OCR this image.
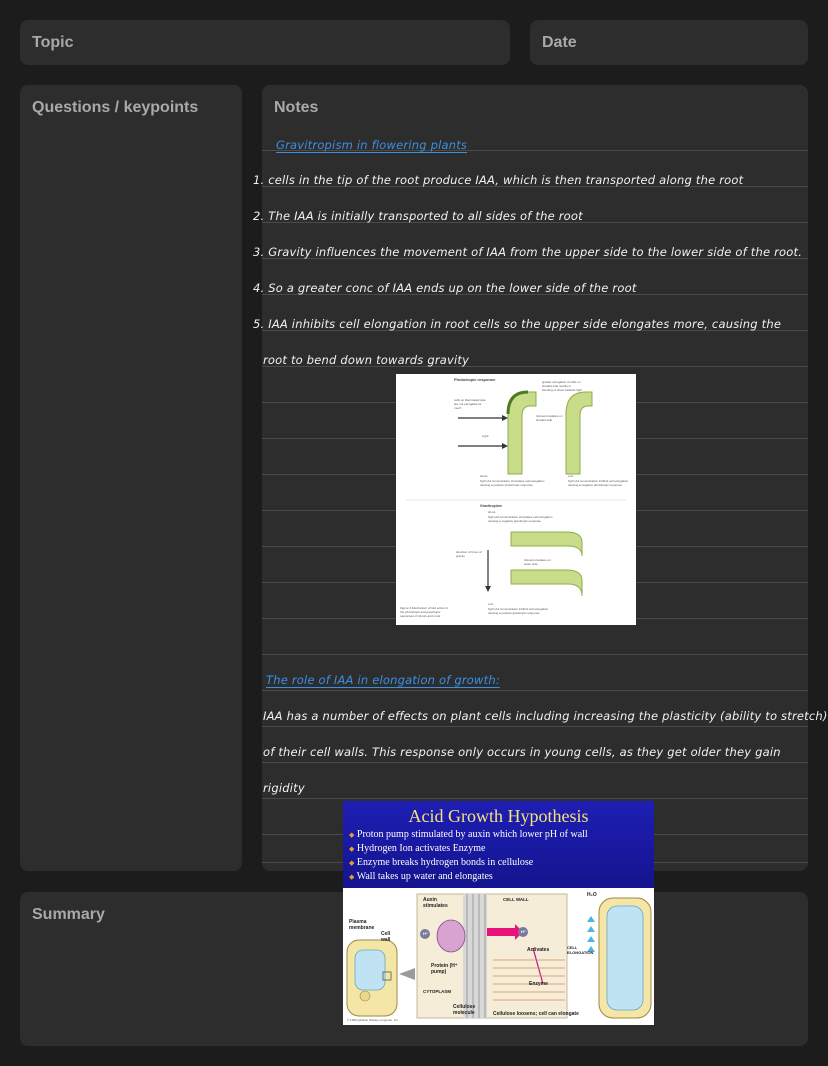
Topic	Date
Questions / keypoints	Notes
Gravitropism in flowering plants
1. cells in the tip of the root produce IAA, which is then transported along the root
2. The IAA is initially transported to all sides of the root
3. Gravity influences the movement of IAA from the upper side to the lower side of the root.
4. So a greater conc of IAA ends up on the lower side of the root
5. IAA inhibits cell elongation in root cells so the upper side elongates more, causing the
root to bend down towards gravity
The role of IAA in elongation of growth:
IAA has a number of effects on plant cells including increasing the plasticity (ability to stretch)
of their cell walls. This response only occurs in young cells, as they get older they gain
rigidity
Phototropic response	greater elongation of cells on shaded side results in bending of shoot towards light
cells on illuminated side are not elongated as much
IAA accumulates on shaded side
Light
shoot
high IAA concentration stimulates cell elongation causing a positive phototropic response
root
high IAA concentration inhibits cell elongation causing a negative phototropic response
Gravitropism
shoot
high IAA concentration stimulates cell elongation causing a negative gravitropic response
direction of force of gravity
IAA accumulates on lower side
root
high IAA concentration inhibits cell elongation causing a positive gravitropic response
Figure 3 Mechanism of IAA action in the phototropic and gravitropic responses of shoots and roots
Summary
Acid Growth Hypothesis
◆ Proton pump stimulated by auxin which lower pH of wall
◆ Hydrogen Ion activates Enzyme
◆ Enzyme breaks hydrogen bonds in cellulose
◆ Wall takes up water and elongates
Auxin stimulates
CELL WALL
Plasma membrane
Cell wall
Protein (H⁺ pump)
CYTOPLASM
Activates	CELL ELONGATION
Enzyme
Cellulose molecule	Cellulose loosens; cell can elongate
H₂O
H⁺	H⁺
© 1999 Addison Wesley Longman, Inc.
